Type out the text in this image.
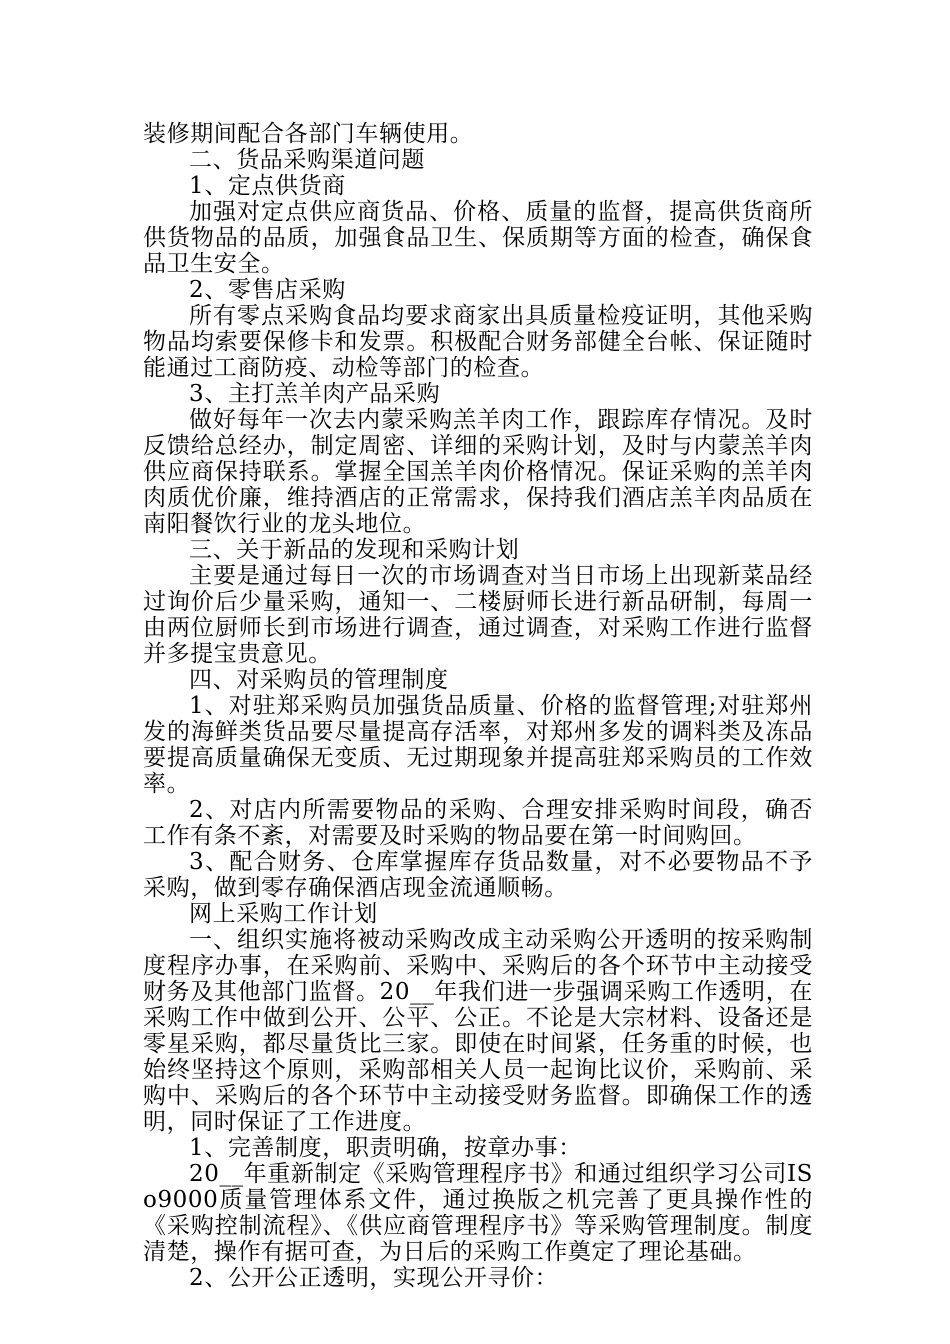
装修期间配合各部门车辆使用。

二、货品采购渠道问题

1、定点供货商

加强对定点供应商货品、价格、质量的监督，提高供货商所供货物品的品质，加强食品卫生、保质期等方面的检查，确保食品卫生安全。

2、零售店采购

所有零点采购食品均要求商家出具质量检疫证明，其他采购物品均索要保修卡和发票。积极配合财务部健全台帐、保证随时能通过工商防疫、动检等部门的检查。

3、主打羔羊肉产品采购

做好每年一次去内蒙采购羔羊肉工作，跟踪库存情况。及时反馈给总经办，制定周密、详细的采购计划，及时与内蒙羔羊肉供应商保持联系。掌握全国羔羊肉价格情况。保证采购的羔羊肉肉质优价廉，维持酒店的正常需求，保持我们酒店羔羊肉品质在南阳餐饮行业的龙头地位。

三、关于新品的发现和采购计划

主要是通过每日一次的市场调查对当日市场上出现新菜品经过询价后少量采购，通知一、二楼厨师长进行新品研制，每周一由两位厨师长到市场进行调查，通过调查，对采购工作进行监督并多提宝贵意见。

四、对采购员的管理制度

1、对驻郑采购员加强货品质量、价格的监督管理;对驻郑州发的海鲜类货品要尽量提高存活率，对郑州多发的调料类及冻品要提高质量确保无变质、无过期现象并提高驻郑采购员的工作效率。

2、对店内所需要物品的采购、合理安排采购时间段，确否工作有条不紊，对需要及时采购的物品要在第一时间购回。

3、配合财务、仓库掌握库存货品数量，对不必要物品不予采购，做到零存确保酒店现金流通顺畅。

网上采购工作计划

一、组织实施将被动采购改成主动采购公开透明的按采购制度程序办事，在采购前、采购中、采购后的各个环节中主动接受财务及其他部门监督。20__年我们进一步强调采购工作透明，在采购工作中做到公开、公平、公正。不论是大宗材料、设备还是零星采购，都尽量货比三家。即使在时间紧，任务重的时候，也始终坚持这个原则，采购部相关人员一起询比议价，采购前、采购中、采购后的各个环节中主动接受财务监督。即确保工作的透明，同时保证了工作进度。

1、完善制度，职责明确，按章办事：

20__年重新制定《采购管理程序书》和通过组织学习公司ISo9000质量管理体系文件，通过换版之机完善了更具操作性的《采购控制流程》、《供应商管理程序书》等采购管理制度。制度清楚，操作有据可查，为日后的采购工作奠定了理论基础。

2、公开公正透明，实现公开寻价：
